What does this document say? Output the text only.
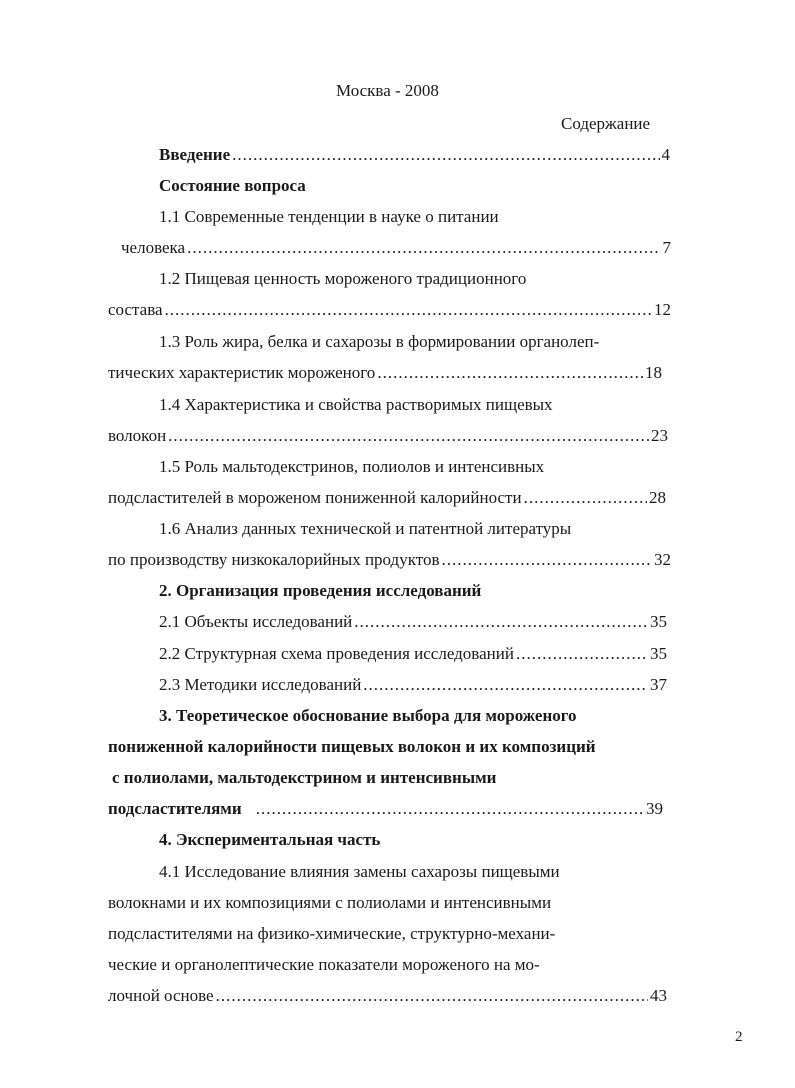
Москва - 2008
Содержание
Введение .....	4
Состояние вопроса
1.1 Современные тенденции в науке о питании
человека .....	7
1.2 Пищевая ценность мороженого традиционного
состава .....	12
1.3 Роль жира, белка и сахарозы в формировании органолеп-
тических характеристик мороженого .....	18
1.4 Характеристика и свойства растворимых пищевых
волокон .....	23
1.5 Роль мальтодекстринов, полиолов и интенсивных
подсластителей в мороженом пониженной калорийности .....	28
1.6 Анализ данных технической и патентной литературы
по производству низкокалорийных продуктов .....	32
2. Организация проведения исследований
2.1 Объекты исследований .....	35
2.2 Структурная схема проведения исследований .....	35
2.3 Методики исследований .....	37
3. Теоретическое обоснование выбора для мороженого
пониженной калорийности пищевых волокон и их композиций
с полиолами, мальтодекстрином и интенсивными
подсластителями .....	39
4. Экспериментальная часть
4.1 Исследование влияния замены сахарозы пищевыми
волокнами и их композициями с полиолами и интенсивными
подсластителями на физико-химические, структурно-механи-
ческие и органолептические показатели мороженого на мо-
лочной основе .....	43
2
